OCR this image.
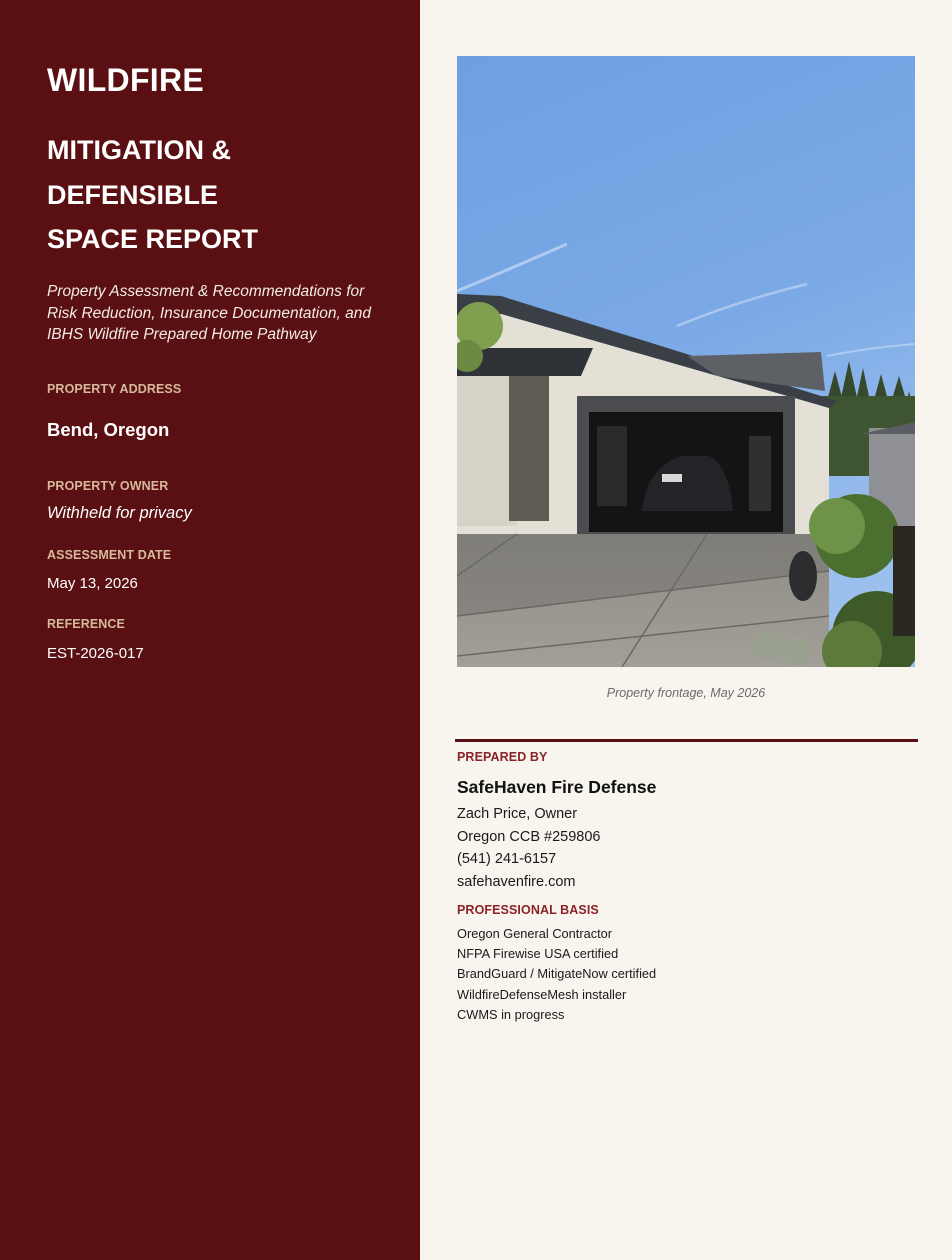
WILDFIRE
MITIGATION &
DEFENSIBLE
SPACE REPORT
Property Assessment & Recommendations for Risk Reduction, Insurance Documentation, and IBHS Wildfire Prepared Home Pathway
PROPERTY ADDRESS
Bend, Oregon
PROPERTY OWNER
Withheld for privacy
ASSESSMENT DATE
May 13, 2026
REFERENCE
EST-2026-017
Property frontage, May 2026
PREPARED BY
SafeHaven Fire Defense
Zach Price, Owner
Oregon CCB #259806
(541) 241-6157
safehavenfire.com
PROFESSIONAL BASIS
Oregon General Contractor
NFPA Firewise USA certified
BrandGuard / MitigateNow certified
WildfireDefenseMesh installer
CWMS in progress
